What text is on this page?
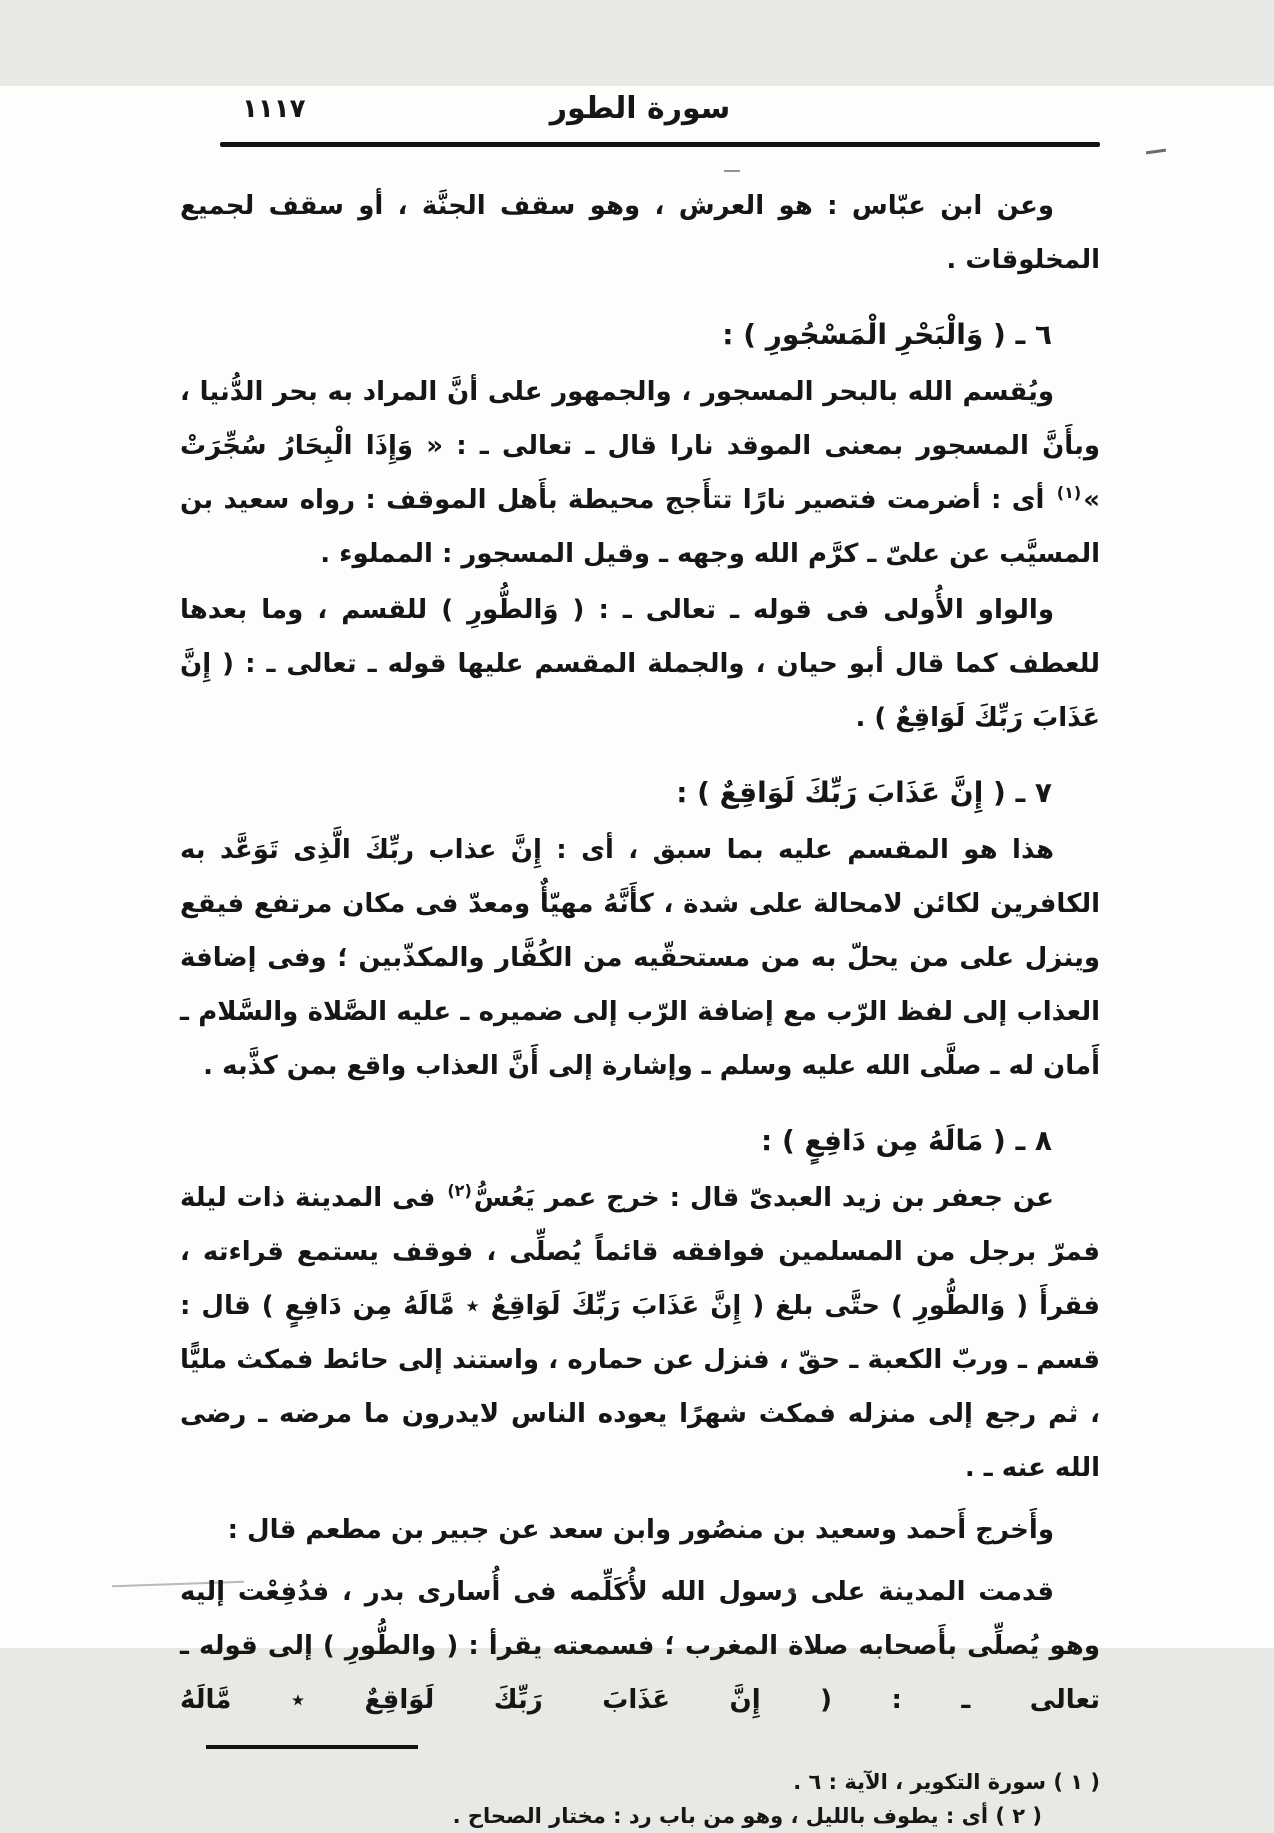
١١١٧	سورة الطور

وعن ابن عبّاس : هو العرش ، وهو سقف الجنَّة ، أو سقف لجميع المخلوقات .

٦ ـ ( وَالْبَحْرِ الْمَسْجُورِ ) :

ويُقسم الله بالبحر المسجور ، والجمهور على أنَّ المراد به بحر الدُّنيا ، وبأَنَّ المسجور بمعنى الموقد نارا قال ـ تعالى ـ : « وَإِذَا الْبِحَارُ سُجِّرَتْ »$^{(١)}$ أى : أضرمت فتصير نارًا تتأَجج محيطة بأَهل الموقف : رواه سعيد بن المسيَّب عن علىّ ـ كرَّم الله وجهه ـ وقيل المسجور : المملوء .

والواو الأُولى فى قوله ـ تعالى ـ : ( وَالطُّورِ ) للقسم ، وما بعدها للعطف كما قال أبو حيان ، والجملة المقسم عليها قوله ـ تعالى ـ : ( إِنَّ عَذَابَ رَبِّكَ لَوَاقِعٌ ) .

٧ ـ ( إِنَّ عَذَابَ رَبِّكَ لَوَاقِعٌ ) :

هذا هو المقسم عليه بما سبق ، أى : إِنَّ عذاب ربِّكَ الَّذِى تَوَعَّد به الكافرين لكائن لامحالة على شدة ، كأَنَّهُ مهيّأٌ ومعدّ فى مكان مرتفع فيقع وينزل على من يحلّ به من مستحقّيه من الكُفَّار والمكذّبين ؛ وفى إضافة العذاب إلى لفظ الرّب مع إضافة الرّب إلى ضميره ـ عليه الصَّلاة والسَّلام ـ أَمان له ـ صلَّى الله عليه وسلم ـ وإشارة إلى أَنَّ العذاب واقع بمن كذَّبه .

٨ ـ ( مَالَهُ مِن دَافِعٍ ) :

عن جعفر بن زيد العبدىّ قال : خرج عمر يَعُسُّ$^{(٢)}$ فى المدينة ذات ليلة فمرّ برجل من المسلمين فوافقه قائماً يُصلِّى ، فوقف يستمع قراءته ، فقرأَ ( وَالطُّورِ ) حتَّى بلغ ( إِنَّ عَذَابَ رَبِّكَ لَوَاقِعٌ ٭ مَّالَهُ مِن دَافِعٍ ) قال : قسم ـ وربّ الكعبة ـ حقّ ، فنزل عن حماره ، واستند إلى حائط فمكث مليًّا ، ثم رجع إلى منزله فمكث شهرًا يعوده الناس لايدرون ما مرضه ـ رضى الله عنه ـ .

وأَخرج أَحمد وسعيد بن منصُور وابن سعد عن جبير بن مطعم قال :

قدمت المدينة على رسول الله لأُكَلِّمه فى أُسارى بدر ، فدُفِعْت إليه وهو يُصلِّى بأَصحابه صلاة المغرب ؛ فسمعته يقرأ : ( والطُّورِ ) إلى قوله ـ تعالى ـ : ( إِنَّ عَذَابَ رَبِّكَ لَوَاقِعٌ ٭ مَّالَهُ

( ١ ) سورة التكوير ، الآية : ٦ . ( ٢ ) أى : يطوف بالليل ، وهو من باب رد : مختار الصحاح .
